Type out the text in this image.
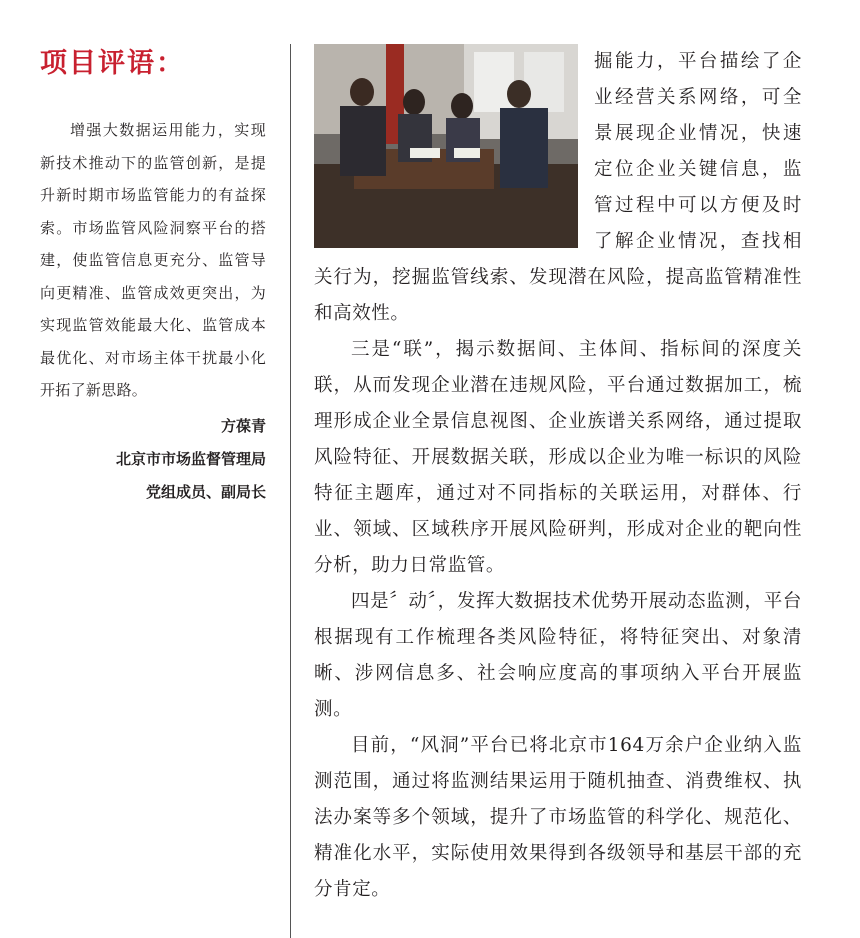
项目评语：

增强大数据运用能力，实现新技术推动下的监管创新，是提升新时期市场监管能力的有益探索。市场监管风险洞察平台的搭建，使监管信息更充分、监管导向更精准、监管成效更突出，为实现监管效能最大化、监管成本最优化、对市场主体干扰最小化开拓了新思路。

方葆青

北京市市场监督管理局

党组成员、副局长

掘能力，平台描绘了企业经营关系网络，可全景展现企业情况，快速定位企业关键信息，监管过程中可以方便及时了解企业情况，查找相关行为，挖掘监管线索、发现潜在风险，提高监管精准性和高效性。

三是“联”，揭示数据间、主体间、指标间的深度关联，从而发现企业潜在违规风险，平台通过数据加工，梳理形成企业全景信息视图、企业族谱关系网络，通过提取风险特征、开展数据关联，形成以企业为唯一标识的风险特征主题库，通过对不同指标的关联运用，对群体、行业、领域、区域秩序开展风险研判，形成对企业的靶向性分析，助力日常监管。

四是〞动〞，发挥大数据技术优势开展动态监测，平台根据现有工作梳理各类风险特征，将特征突出、对象清晰、涉网信息多、社会响应度高的事项纳入平台开展监测。

目前，“风洞”平台已将北京市164万余户企业纳入监测范围，通过将监测结果运用于随机抽查、消费维权、执法办案等多个领域，提升了市场监管的科学化、规范化、精准化水平，实际使用效果得到各级领导和基层干部的充分肯定。
